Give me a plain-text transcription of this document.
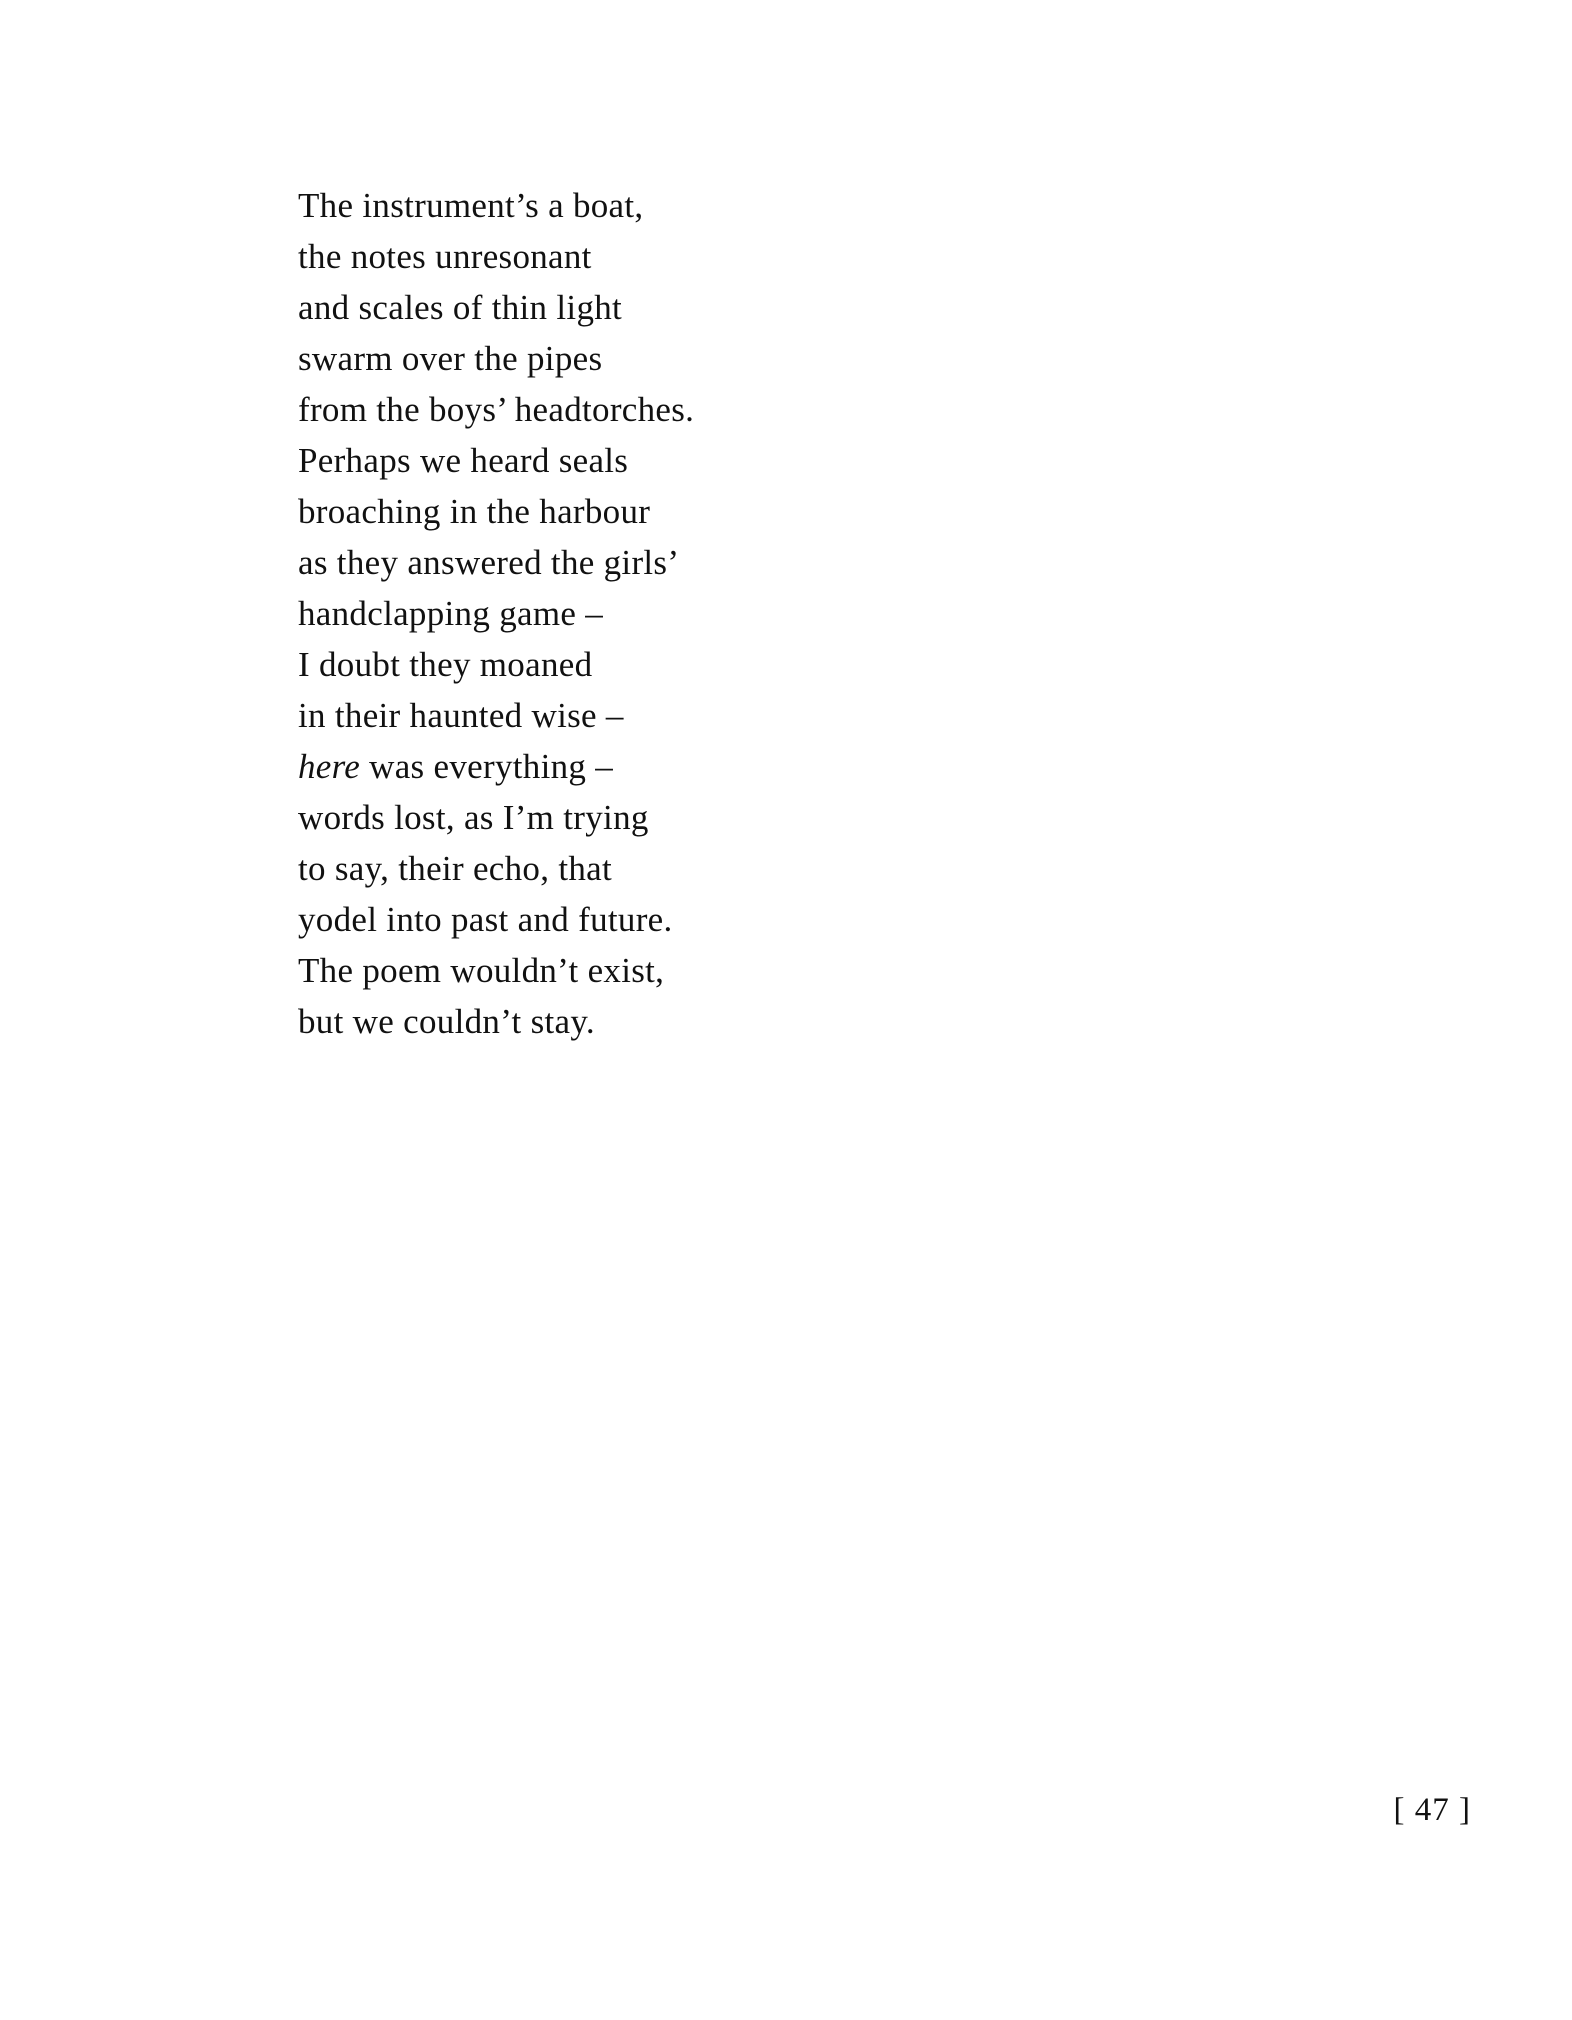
The instrument’s a boat,
the notes unresonant
and scales of thin light
swarm over the pipes
from the boys’ headtorches.
Perhaps we heard seals
broaching in the harbour
as they answered the girls’
handclapping game –
I doubt they moaned
in their haunted wise –
here was everything –
words lost, as I’m trying
to say, their echo, that
yodel into past and future.
The poem wouldn’t exist,
but we couldn’t stay.
[ 47 ]
